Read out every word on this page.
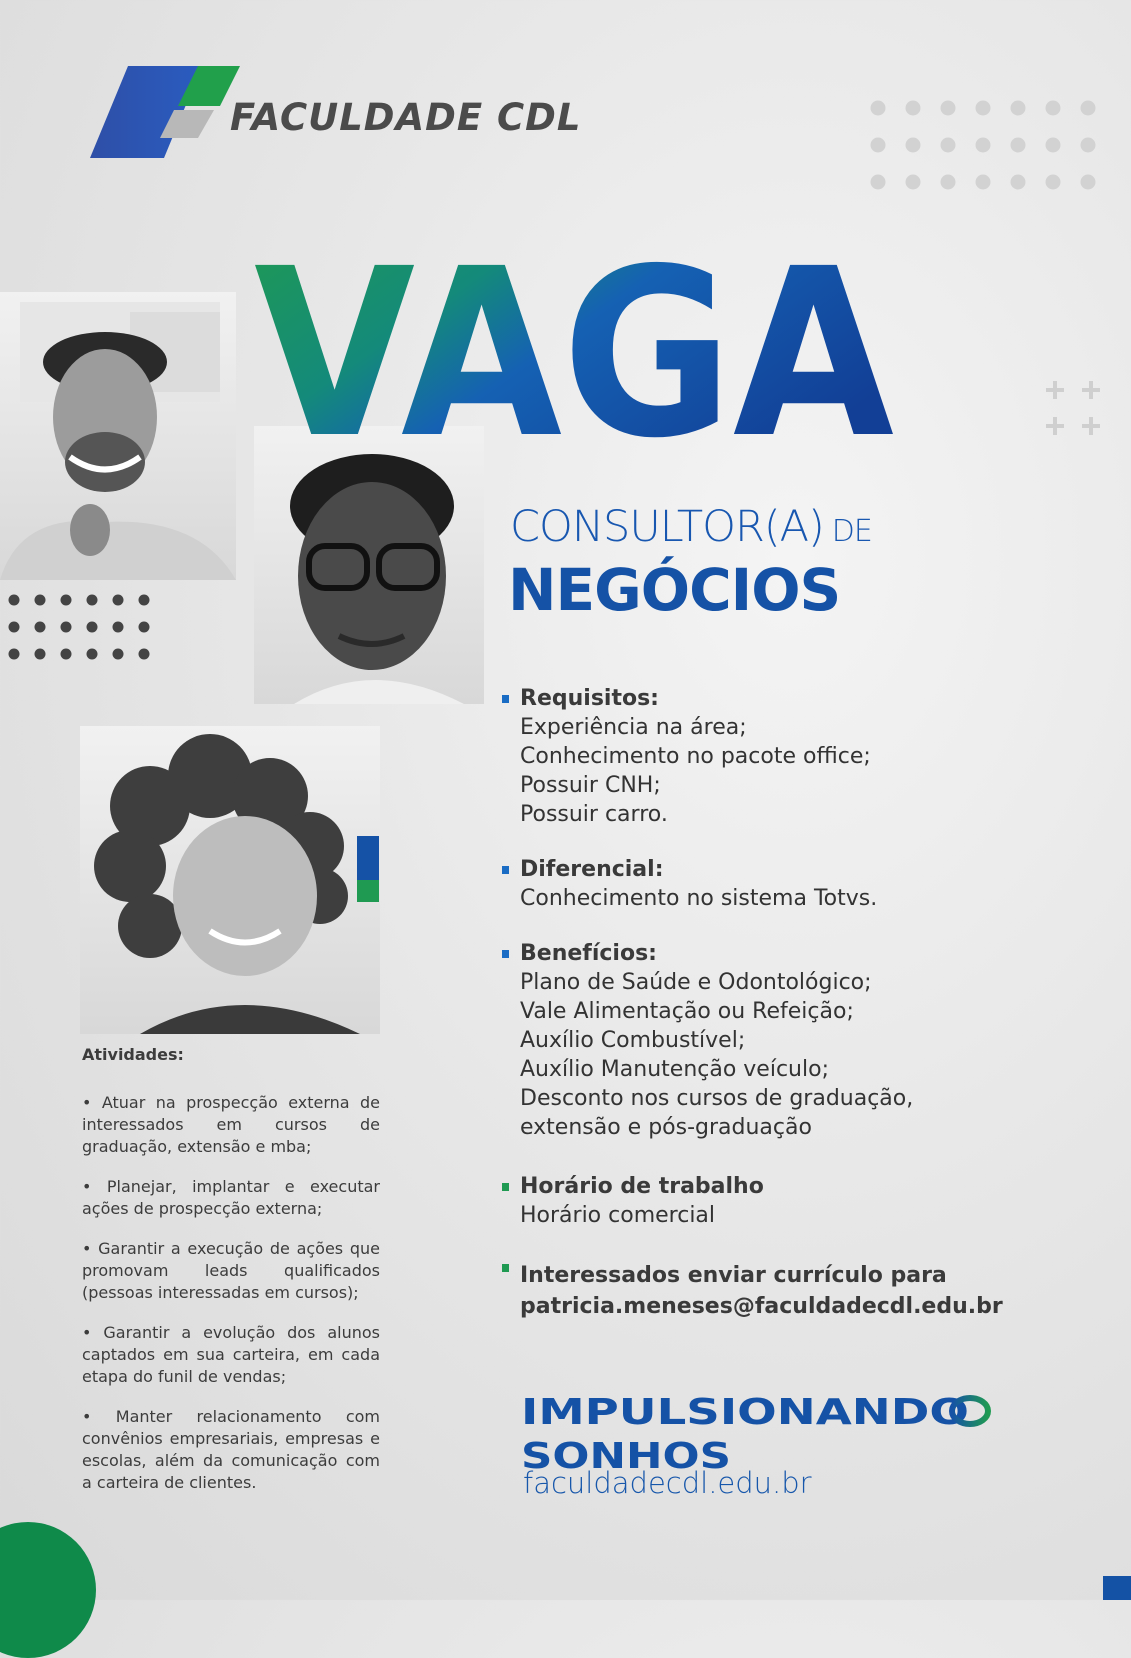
FACULDADE CDL
VAGA
CONSULTOR(A) DE
NEGÓCIOS
Requisitos:
Experiência na área;
Conhecimento no pacote office;
Possuir CNH;
Possuir carro.
Diferencial:
Conhecimento no sistema Totvs.
Benefícios:
Plano de Saúde e Odontológico;
Vale Alimentação ou Refeição;
Auxílio Combustível;
Auxílio Manutenção veículo;
Desconto nos cursos de graduação,
extensão e pós-graduação
Horário de trabalho
Horário comercial
Interessados enviar currículo para
patricia.meneses@faculdadecdl.edu.br
IMPULSIONANDO
SONHOS
faculdadecdl.edu.br
Atividades:
• Atuar na prospecção externa de interessados em cursos de graduação, extensão e mba;
• Planejar, implantar e executar ações de prospecção externa;
• Garantir a execução de ações que promovam leads qualificados (pessoas interessadas em cursos);
• Garantir a evolução dos alunos captados em sua carteira, em cada etapa do funil de vendas;
• Manter relacionamento com convênios empresariais, empresas e escolas, além da comunicação com a carteira de clientes.
